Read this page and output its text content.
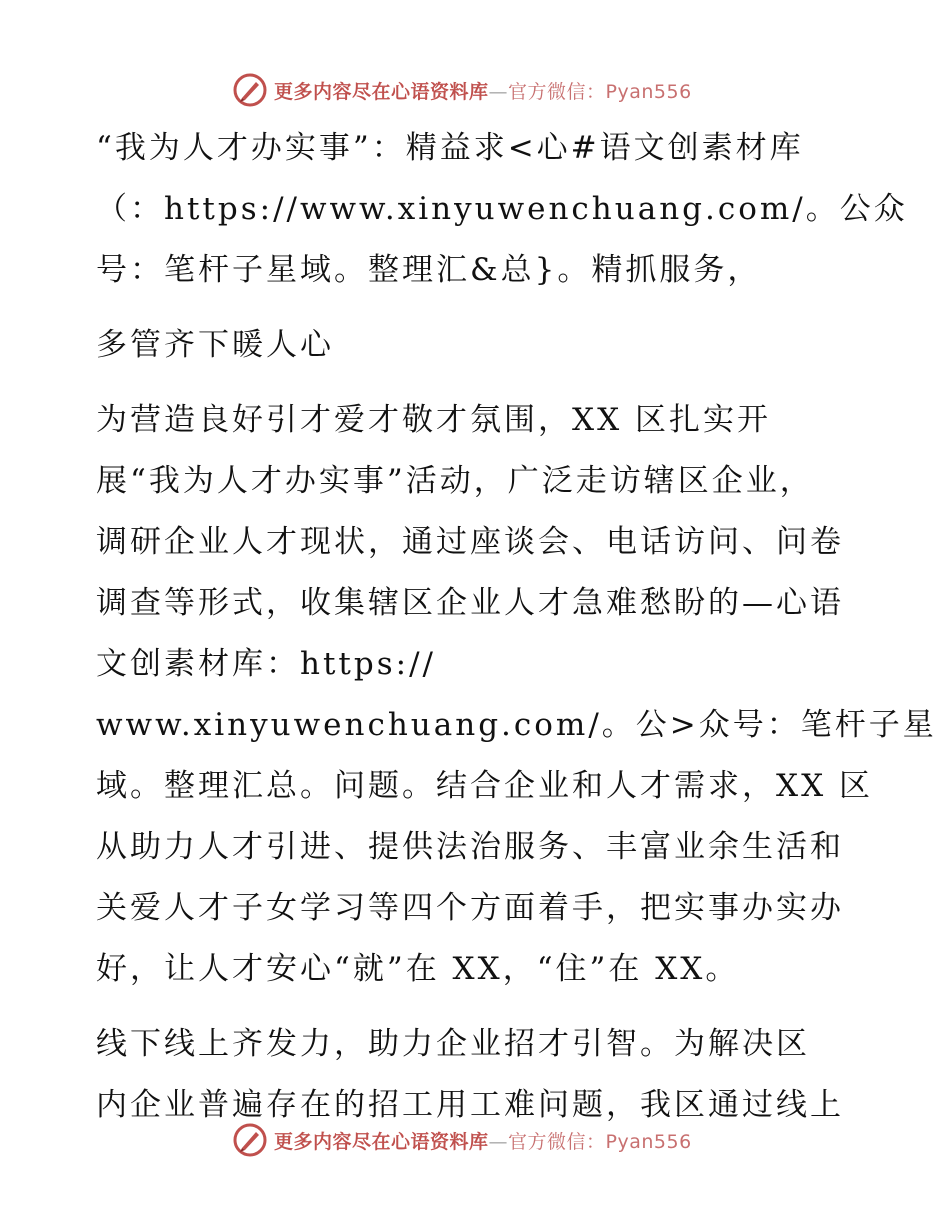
更多内容尽在心语资料库—官方微信：Pyan556
“我为人才办实事”：精益求<心#语文创素材库
（：https://www.xinyuwenchuang.com/。公众
号：笔杆子星域。整理汇&总}。精抓服务，
多管齐下暖人心
为营造良好引才爱才敬才氛围，XX 区扎实开
展“我为人才办实事”活动，广泛走访辖区企业，
调研企业人才现状，通过座谈会、电话访问、问卷
调查等形式，收集辖区企业人才急难愁盼的—心语
文创素材库：https://
www.xinyuwenchuang.com/。公>众号：笔杆子星
域。整理汇总。问题。结合企业和人才需求，XX 区
从助力人才引进、提供法治服务、丰富业余生活和
关爱人才子女学习等四个方面着手，把实事办实办
好，让人才安心“就”在 XX，“住”在 XX。
线下线上齐发力，助力企业招才引智。为解决区
内企业普遍存在的招工用工难问题，我区通过线上
更多内容尽在心语资料库—官方微信：Pyan556
